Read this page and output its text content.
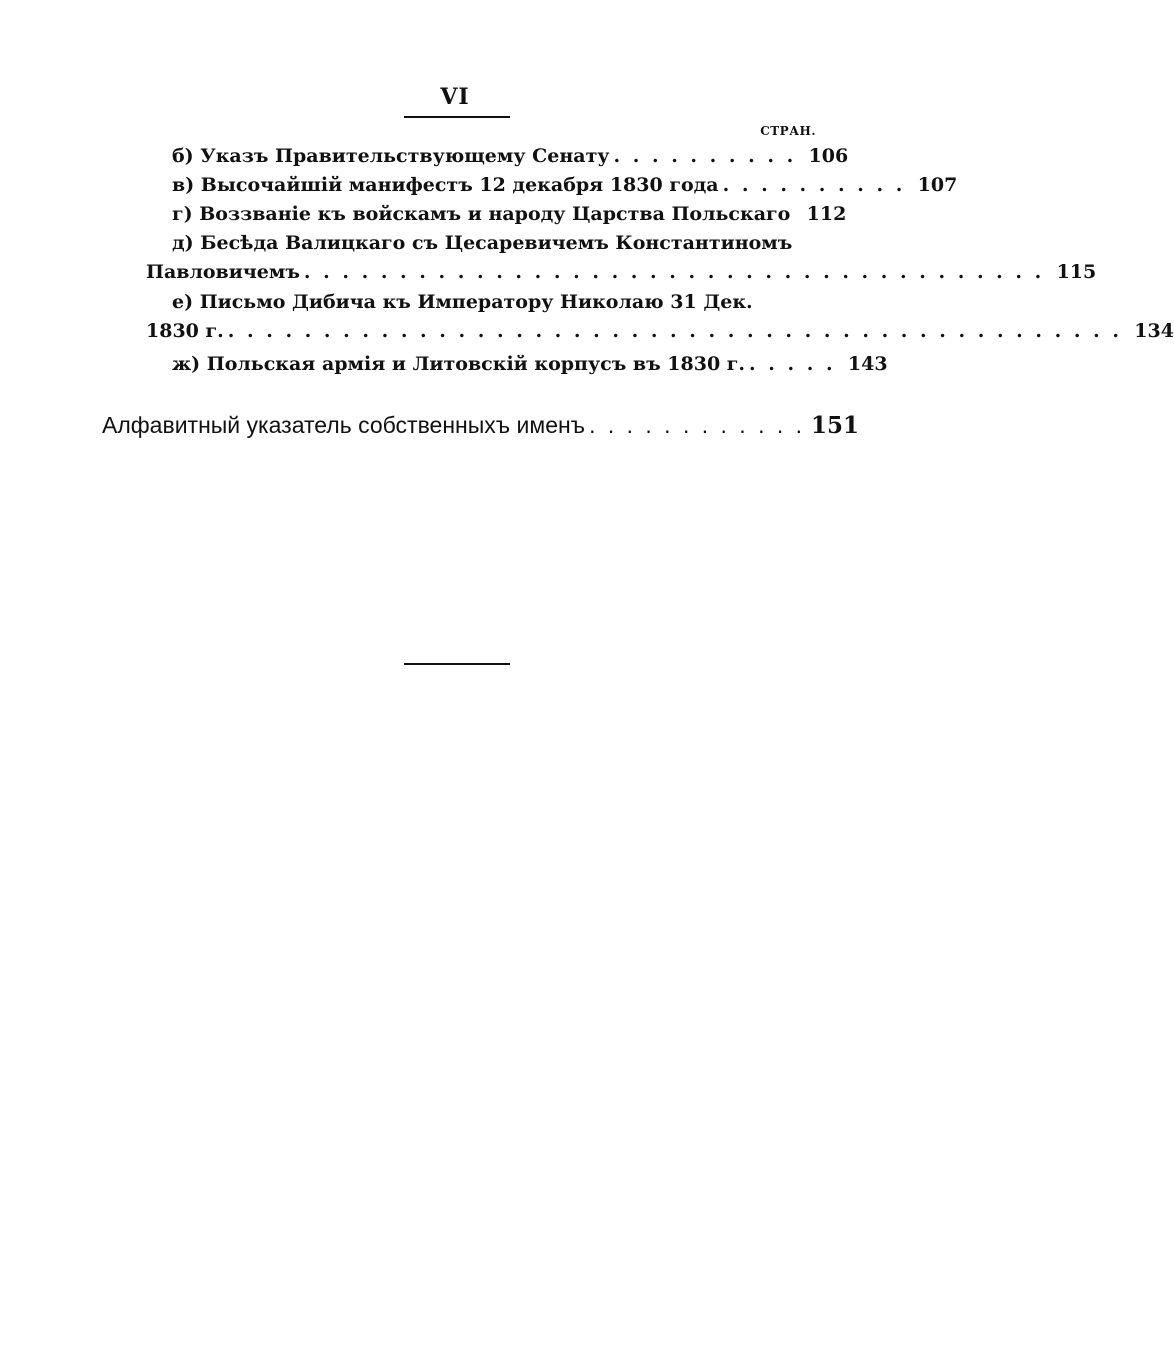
VI
СТРАН.
б) Указъ Правительствующему Сенату . . . . . . . . . . 106
в) Высочайшій манифестъ 12 декабря 1830 года . . . . . . . . . . 107
г) Воззваніе къ войскамъ и народу Царства Польскаго 112
д) Бесѣда Валицкаго съ Цесаревичемъ Константиномъ
Павловичемъ . . . . . . . . . . . . . . . . . . . . . . . . . . . . . . . . . . . . . . . 115
е) Письмо Дибича къ Императору Николаю 31 Дек.
1830 г. . . . . . . . . . . . . . . . . . . . . . . . . . . . . . . . . . . . . . . . . . . . . . . . 134
ж) Польская армія и Литовскій корпусъ въ 1830 г. . . . . . 143
Алфавитный указатель собственныхъ именъ . . . . . . . . . . . . 151
